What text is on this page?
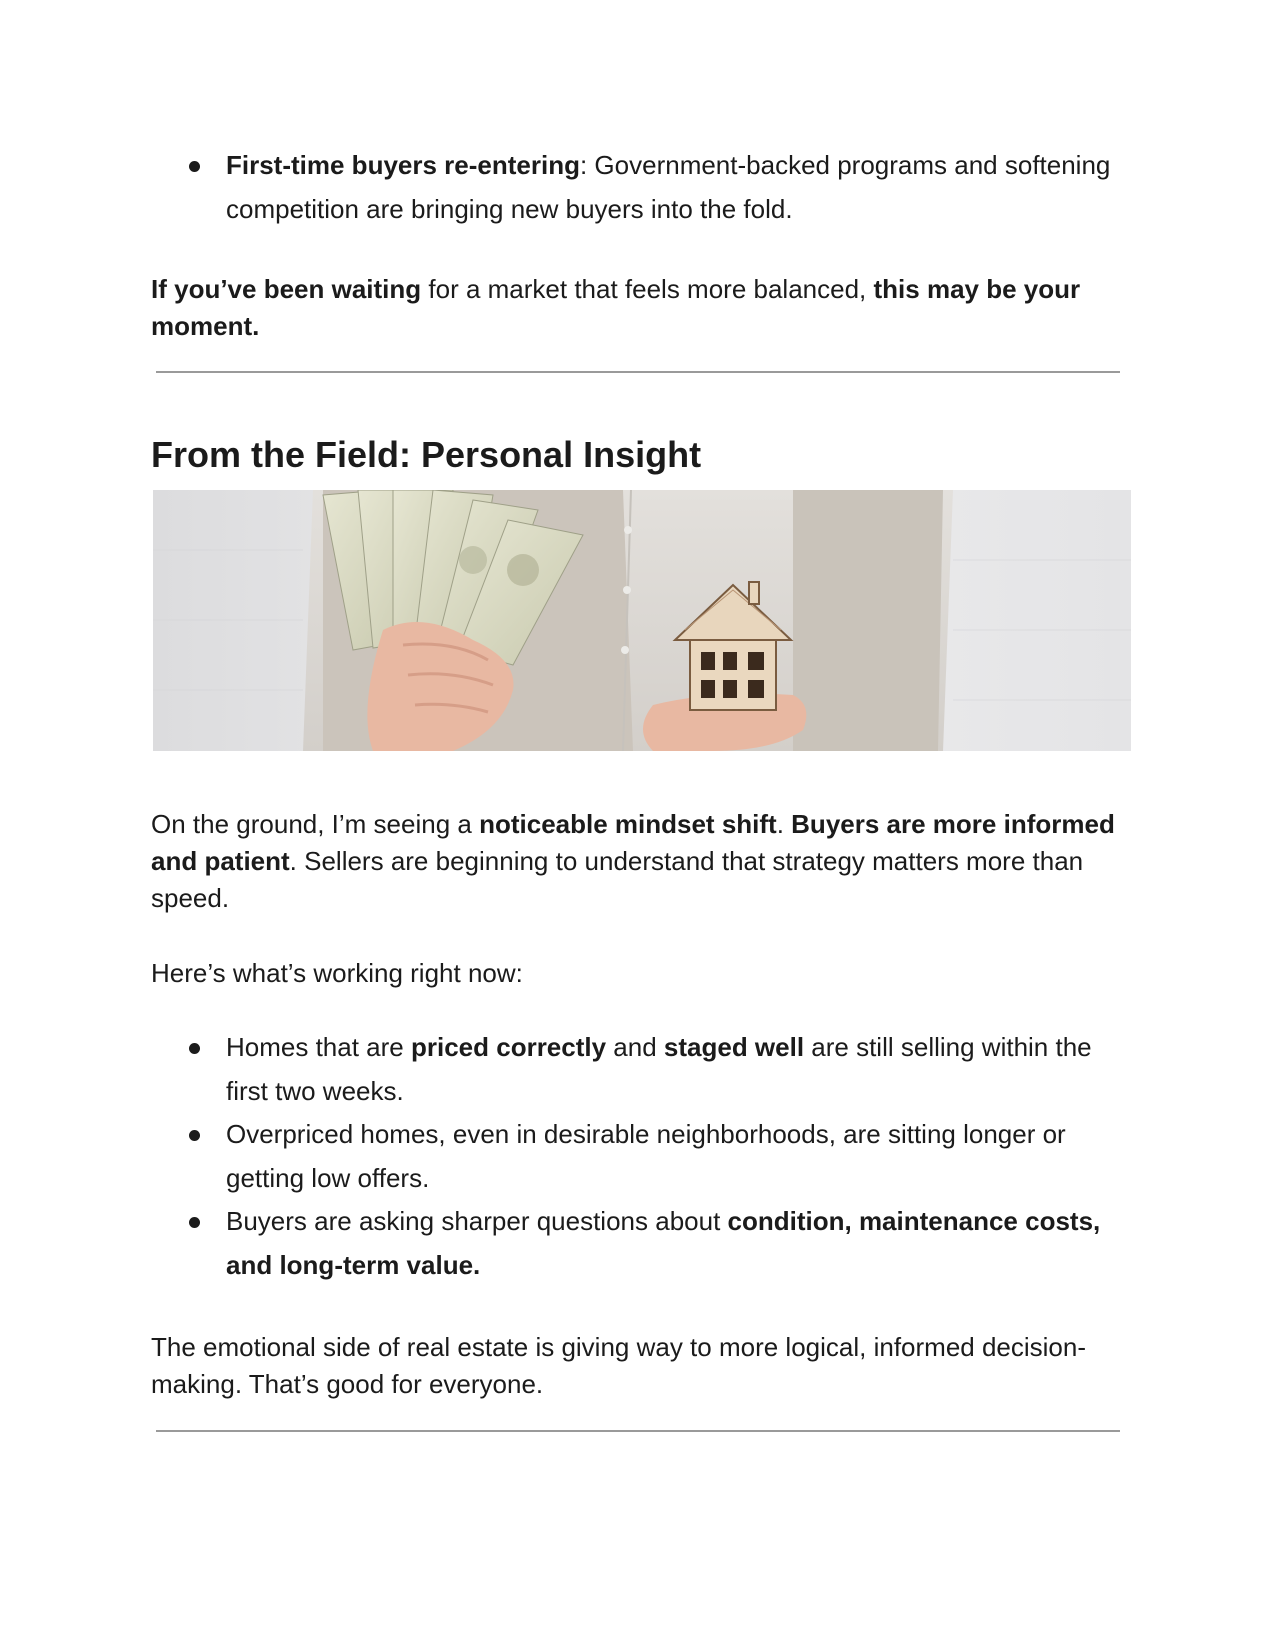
First-time buyers re-entering: Government-backed programs and softening competition are bringing new buyers into the fold.

If you’ve been waiting for a market that feels more balanced, this may be your moment.

From the Field: Personal Insight

On the ground, I’m seeing a noticeable mindset shift. Buyers are more informed and patient. Sellers are beginning to understand that strategy matters more than speed.

Here’s what’s working right now:

Homes that are priced correctly and staged well are still selling within the first two weeks.
Overpriced homes, even in desirable neighborhoods, are sitting longer or getting low offers.
Buyers are asking sharper questions about condition, maintenance costs, and long-term value.

The emotional side of real estate is giving way to more logical, informed decision-making. That’s good for everyone.
